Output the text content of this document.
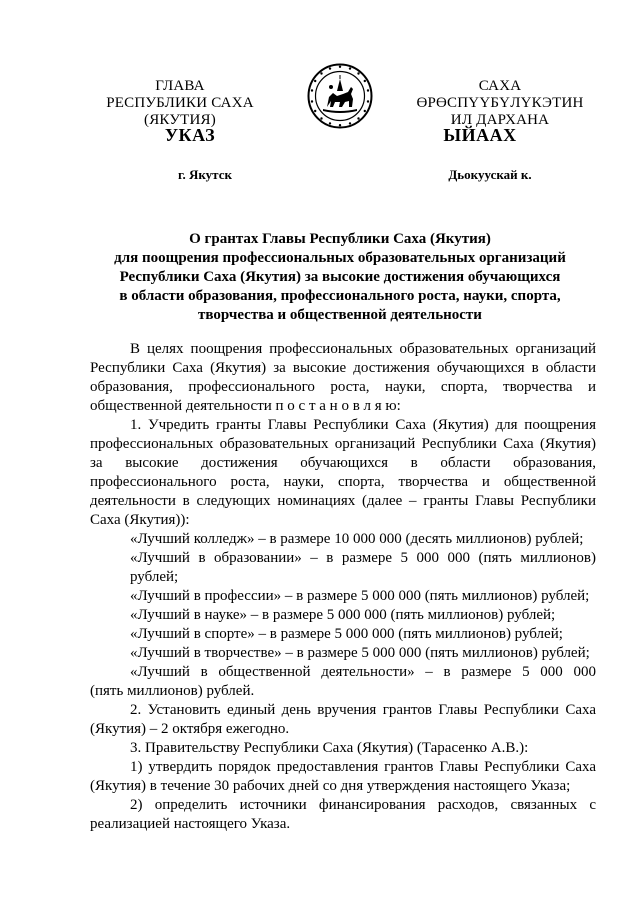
ГЛАВА
РЕСПУБЛИКИ САХА (ЯКУТИЯ)
САХА ӨРӨСПҮҮБҮЛҮКЭТИН
ИЛ ДАРХАНА
УКАЗ	ЫЙААХ
г. Якутск	Дьокуускай к.
О грантах Главы Республики Саха (Якутия)
для поощрения профессиональных образовательных организаций
Республики Саха (Якутия) за высокие достижения обучающихся
в области образования, профессионального роста, науки, спорта,
творчества и общественной деятельности

В целях поощрения профессиональных образовательных организаций Республики Саха (Якутия) за высокие достижения обучающихся в области образования, профессионального роста, науки, спорта, творчества и общественной деятельности п о с т а н о в л я ю:

1. Учредить гранты Главы Республики Саха (Якутия) для поощрения профессиональных образовательных организаций Республики Саха (Якутия) за высокие достижения обучающихся в области образования, профессионального роста, науки, спорта, творчества и общественной деятельности в следующих номинациях (далее – гранты Главы Республики Саха (Якутия)):

«Лучший колледж» – в размере 10 000 000 (десять миллионов) рублей;

«Лучший в образовании» – в размере 5 000 000 (пять миллионов) рублей;

«Лучший в профессии» – в размере 5 000 000 (пять миллионов) рублей;

«Лучший в науке» – в размере 5 000 000 (пять миллионов) рублей;

«Лучший в спорте» – в размере 5 000 000 (пять миллионов) рублей;

«Лучший в творчестве» – в размере 5 000 000 (пять миллионов) рублей;

«Лучший в общественной деятельности» – в размере 5 000 000

(пять миллионов) рублей.

2. Установить единый день вручения грантов Главы Республики Саха (Якутия) – 2 октября ежегодно.

3. Правительству Республики Саха (Якутия) (Тарасенко А.В.):

1) утвердить порядок предоставления грантов Главы Республики Саха (Якутия) в течение 30 рабочих дней со дня утверждения настоящего Указа;

2) определить источники финансирования расходов, связанных с реализацией настоящего Указа.
